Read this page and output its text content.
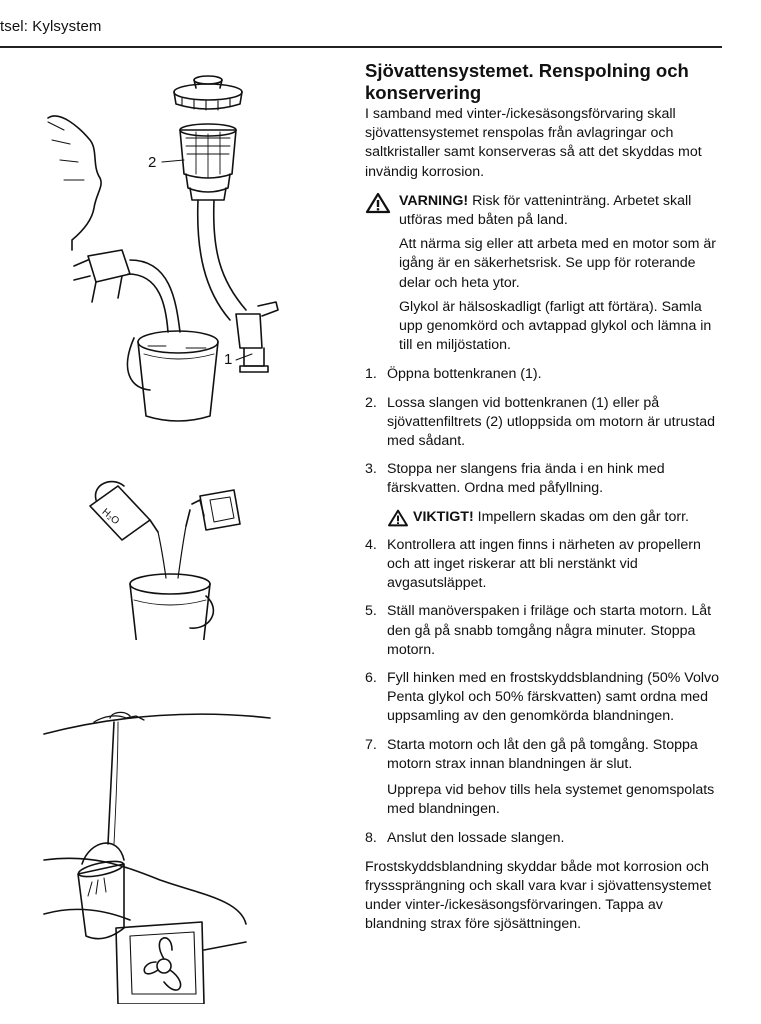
tsel: Kylsystem
2
1
H₂O
Sjövattensystemet. Renspolning och konservering

I samband med vinter-/ickesäsongsförvaring skall sjövattensystemet renspolas från avlagringar och saltkristaller samt konserveras så att det skyddas mot invändig korrosion.

VARNING! Risk för vatteninträng. Arbetet skall utföras med båten på land.

Att närma sig eller att arbeta med en motor som är igång är en säkerhetsrisk. Se upp för roterande delar och heta ytor.

Glykol är hälsoskadligt (farligt att förtära). Samla upp genomkörd och avtappad glykol och lämna in till en miljöstation.

1. Öppna bottenkranen (1).

2. Lossa slangen vid bottenkranen (1) eller på sjövattenfiltrets (2) utloppsida om motorn är utrustad med sådant.

3. Stoppa ner slangens fria ända i en hink med färskvatten. Ordna med påfyllning.

VIKTIGT! Impellern skadas om den går torr.
4. Kontrollera att ingen finns i närheten av propellern och att inget riskerar att bli nerstänkt vid avgasutsläppet.

5. Ställ manöverspaken i friläge och starta motorn. Låt den gå på snabb tomgång några minuter. Stoppa motorn.

6. Fyll hinken med en frostskyddsblandning (50% Volvo Penta glykol och 50% färskvatten) samt ordna med uppsamling av den genomkörda blandningen.

7. Starta motorn och låt den gå på tomgång. Stoppa motorn strax innan blandningen är slut.

Upprepa vid behov tills hela systemet genomspolats med blandningen.

8. Anslut den lossade slangen.

Frostskyddsblandning skyddar både mot korrosion och frysssprängning och skall vara kvar i sjövattensystemet under vinter-/ickesäsongsförvaringen. Tappa av blandning strax före sjösättningen.
